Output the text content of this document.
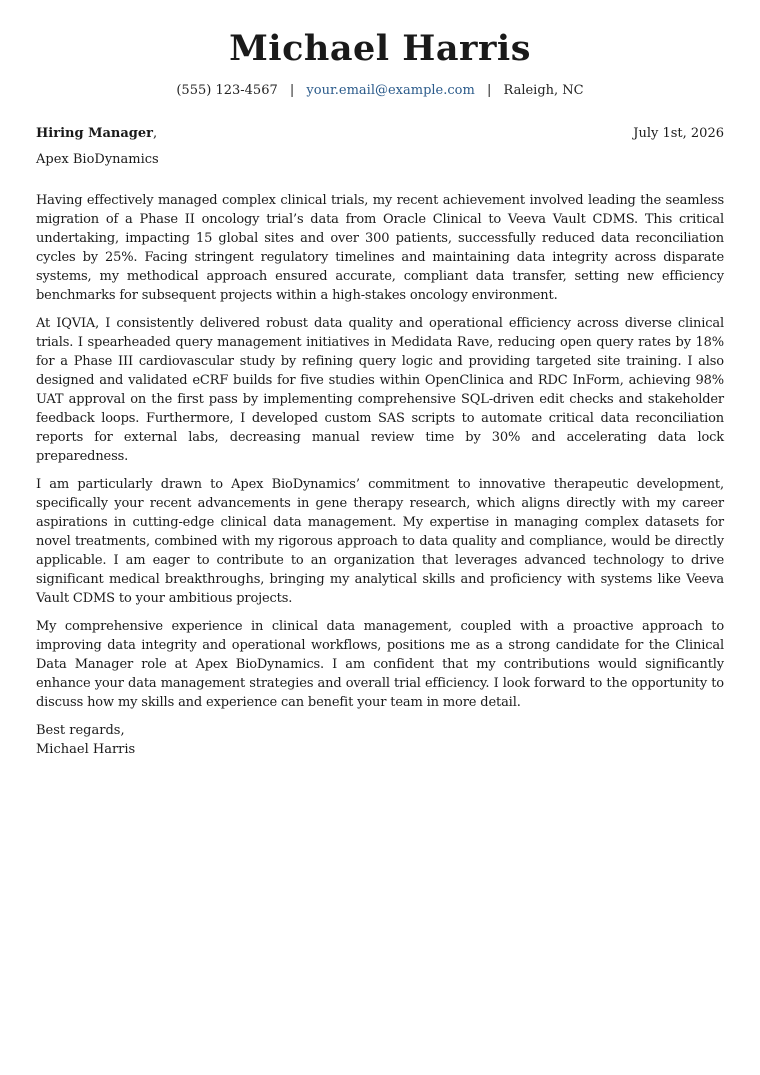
Michael Harris
(555) 123-4567 | your.email@example.com | Raleigh, NC
Hiring Manager,	July 1st, 2026
Apex BioDynamics

Having effectively managed complex clinical trials, my recent achievement involved leading the seamless migration of a Phase II oncology trial’s data from Oracle Clinical to Veeva Vault CDMS. This critical undertaking, impacting 15 global sites and over 300 patients, successfully reduced data reconciliation cycles by 25%. Facing stringent regulatory timelines and maintaining data integrity across disparate systems, my methodical approach ensured accurate, compliant data transfer, setting new efficiency benchmarks for subsequent projects within a high-stakes oncology environment.

At IQVIA, I consistently delivered robust data quality and operational efficiency across diverse clinical trials. I spearheaded query management initiatives in Medidata Rave, reducing open query rates by 18% for a Phase III cardiovascular study by refining query logic and providing targeted site training. I also designed and validated eCRF builds for five studies within OpenClinica and RDC InForm, achieving 98% UAT approval on the first pass by implementing comprehensive SQL-driven edit checks and stakeholder feedback loops. Furthermore, I developed custom SAS scripts to automate critical data reconciliation reports for external labs, decreasing manual review time by 30% and accelerating data lock preparedness.

I am particularly drawn to Apex BioDynamics’ commitment to innovative therapeutic development, specifically your recent advancements in gene therapy research, which aligns directly with my career aspirations in cutting-edge clinical data management. My expertise in managing complex datasets for novel treatments, combined with my rigorous approach to data quality and compliance, would be directly applicable. I am eager to contribute to an organization that leverages advanced technology to drive significant medical breakthroughs, bringing my analytical skills and proficiency with systems like Veeva Vault CDMS to your ambitious projects.

My comprehensive experience in clinical data management, coupled with a proactive approach to improving data integrity and operational workflows, positions me as a strong candidate for the Clinical Data Manager role at Apex BioDynamics. I am confident that my contributions would significantly enhance your data management strategies and overall trial efficiency. I look forward to the opportunity to discuss how my skills and experience can benefit your team in more detail.

Best regards,
Michael Harris
